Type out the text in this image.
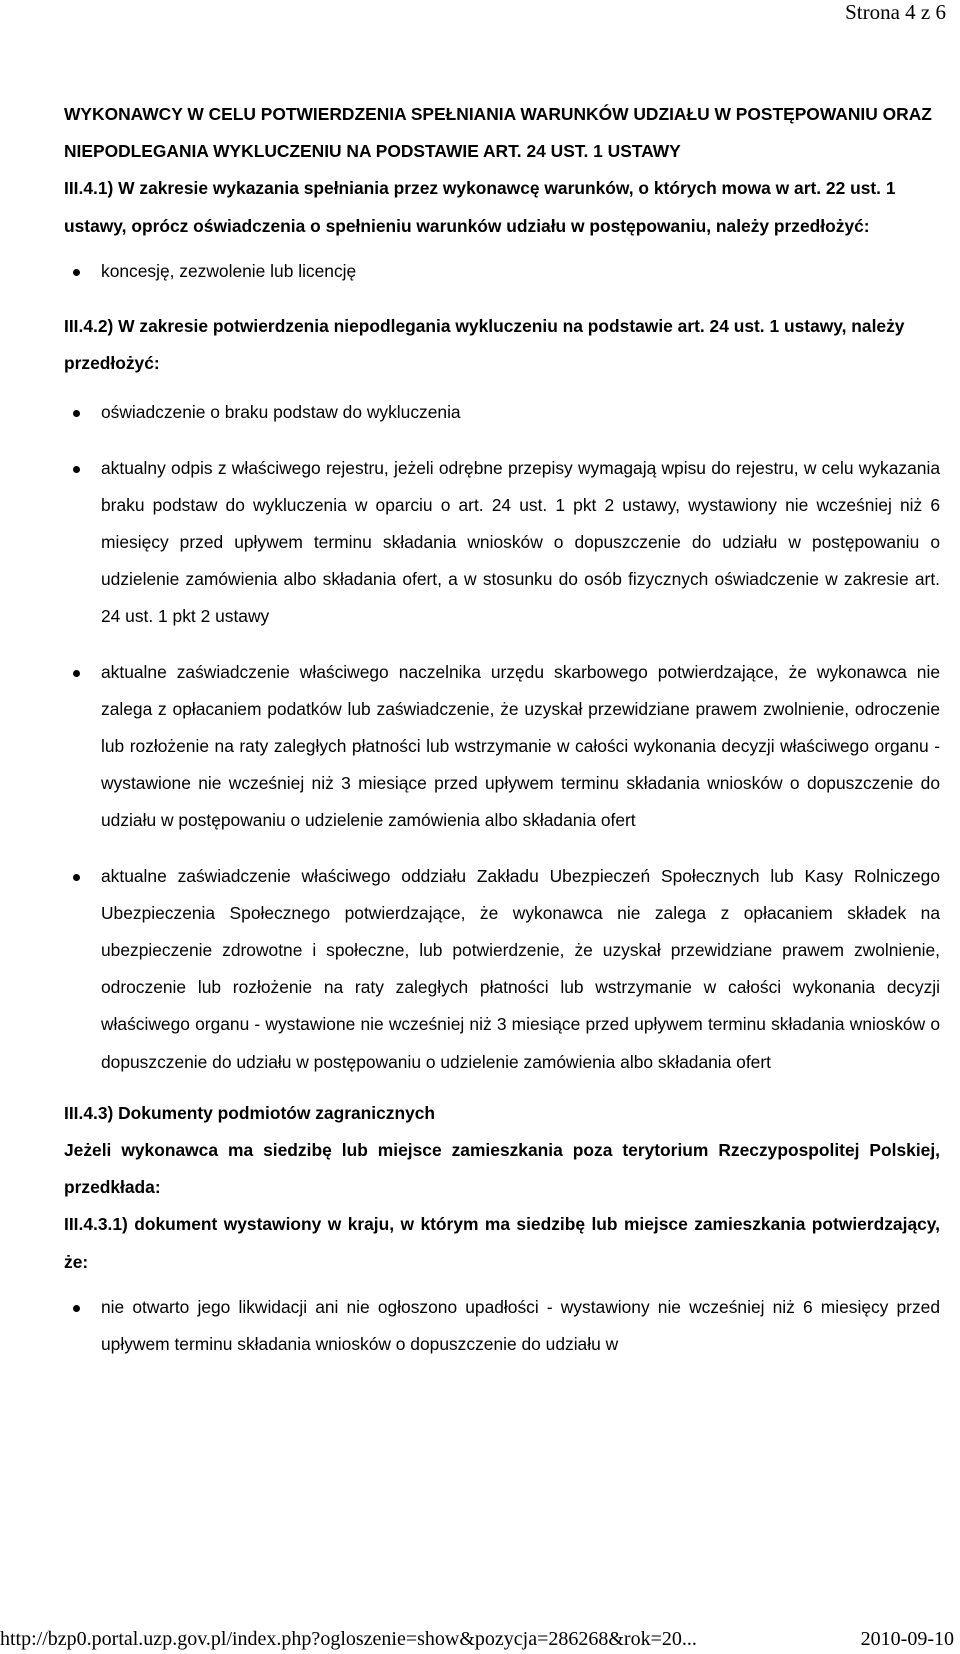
Strona 4 z 6

WYKONAWCY W CELU POTWIERDZENIA SPEŁNIANIA WARUNKÓW UDZIAŁU W POSTĘPOWANIU ORAZ NIEPODLEGANIA WYKLUCZENIU NA PODSTAWIE ART. 24 UST. 1 USTAWY

III.4.1) W zakresie wykazania spełniania przez wykonawcę warunków, o których mowa w art. 22 ust. 1 ustawy, oprócz oświadczenia o spełnieniu warunków udziału w postępowaniu, należy przedłożyć:

koncesję, zezwolenie lub licencję

III.4.2) W zakresie potwierdzenia niepodlegania wykluczeniu na podstawie art. 24 ust. 1 ustawy, należy przedłożyć:

oświadczenie o braku podstaw do wykluczenia
aktualny odpis z właściwego rejestru, jeżeli odrębne przepisy wymagają wpisu do rejestru, w celu wykazania braku podstaw do wykluczenia w oparciu o art. 24 ust. 1 pkt 2 ustawy, wystawiony nie wcześniej niż 6 miesięcy przed upływem terminu składania wniosków o dopuszczenie do udziału w postępowaniu o udzielenie zamówienia albo składania ofert, a w stosunku do osób fizycznych oświadczenie w zakresie art. 24 ust. 1 pkt 2 ustawy
aktualne zaświadczenie właściwego naczelnika urzędu skarbowego potwierdzające, że wykonawca nie zalega z opłacaniem podatków lub zaświadczenie, że uzyskał przewidziane prawem zwolnienie, odroczenie lub rozłożenie na raty zaległych płatności lub wstrzymanie w całości wykonania decyzji właściwego organu - wystawione nie wcześniej niż 3 miesiące przed upływem terminu składania wniosków o dopuszczenie do udziału w postępowaniu o udzielenie zamówienia albo składania ofert
aktualne zaświadczenie właściwego oddziału Zakładu Ubezpieczeń Społecznych lub Kasy Rolniczego Ubezpieczenia Społecznego potwierdzające, że wykonawca nie zalega z opłacaniem składek na ubezpieczenie zdrowotne i społeczne, lub potwierdzenie, że uzyskał przewidziane prawem zwolnienie, odroczenie lub rozłożenie na raty zaległych płatności lub wstrzymanie w całości wykonania decyzji właściwego organu - wystawione nie wcześniej niż 3 miesiące przed upływem terminu składania wniosków o dopuszczenie do udziału w postępowaniu o udzielenie zamówienia albo składania ofert

III.4.3) Dokumenty podmiotów zagranicznych

Jeżeli wykonawca ma siedzibę lub miejsce zamieszkania poza terytorium Rzeczypospolitej Polskiej, przedkłada:

III.4.3.1) dokument wystawiony w kraju, w którym ma siedzibę lub miejsce zamieszkania potwierdzający, że:

nie otwarto jego likwidacji ani nie ogłoszono upadłości - wystawiony nie wcześniej niż 6 miesięcy przed upływem terminu składania wniosków o dopuszczenie do udziału w
http://bzp0.portal.uzp.gov.pl/index.php?ogloszenie=show&pozycja=286268&rok=20...	2010-09-10
